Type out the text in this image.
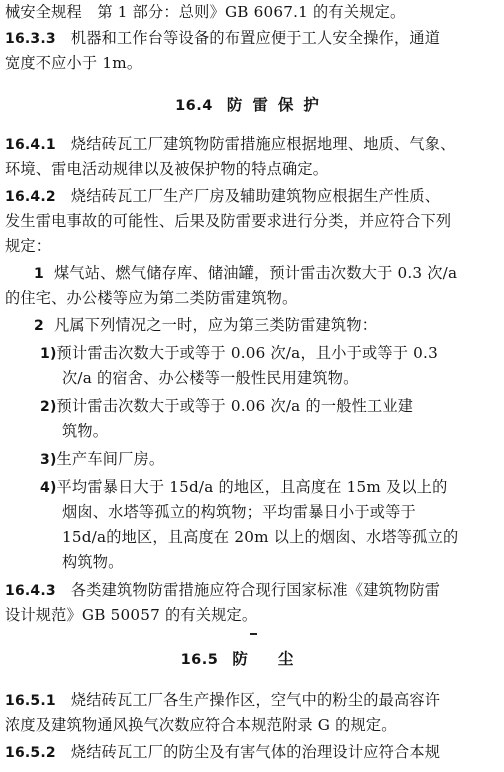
械安全规程　第 1 部分：总则》GB 6067.1 的有关规定。
16.3.3 机器和工作台等设备的布置应便于工人安全操作，通道
宽度不应小于 1m。
16.4 防雷保护
16.4.1 烧结砖瓦工厂建筑物防雷措施应根据地理、地质、气象、
环境、雷电活动规律以及被保护物的特点确定。
16.4.2 烧结砖瓦工厂生产厂房及辅助建筑物应根据生产性质、
发生雷电事故的可能性、后果及防雷要求进行分类，并应符合下列
规定：
1 煤气站、燃气储存库、储油罐，预计雷击次数大于 0.3 次/a
的住宅、办公楼等应为第二类防雷建筑物。
2 凡属下列情况之一时，应为第三类防雷建筑物：
1)预计雷击次数大于或等于 0.06 次/a，且小于或等于 0.3
次/a 的宿舍、办公楼等一般性民用建筑物。
2)预计雷击次数大于或等于 0.06 次/a 的一般性工业建
筑物。
3)生产车间厂房。
4)平均雷暴日大于 15d/a 的地区，且高度在 15m 及以上的
烟囱、水塔等孤立的构筑物；平均雷暴日小于或等于
15d/a的地区，且高度在 20m 以上的烟囱、水塔等孤立的
构筑物。
16.4.3 各类建筑物防雷措施应符合现行国家标准《建筑物防雷
设计规范》GB 50057 的有关规定。
16.5 防尘
16.5.1 烧结砖瓦工厂各生产操作区，空气中的粉尘的最高容许
浓度及建筑物通风换气次数应符合本规范附录 G 的规定。
16.5.2 烧结砖瓦工厂的防尘及有害气体的治理设计应符合本规
